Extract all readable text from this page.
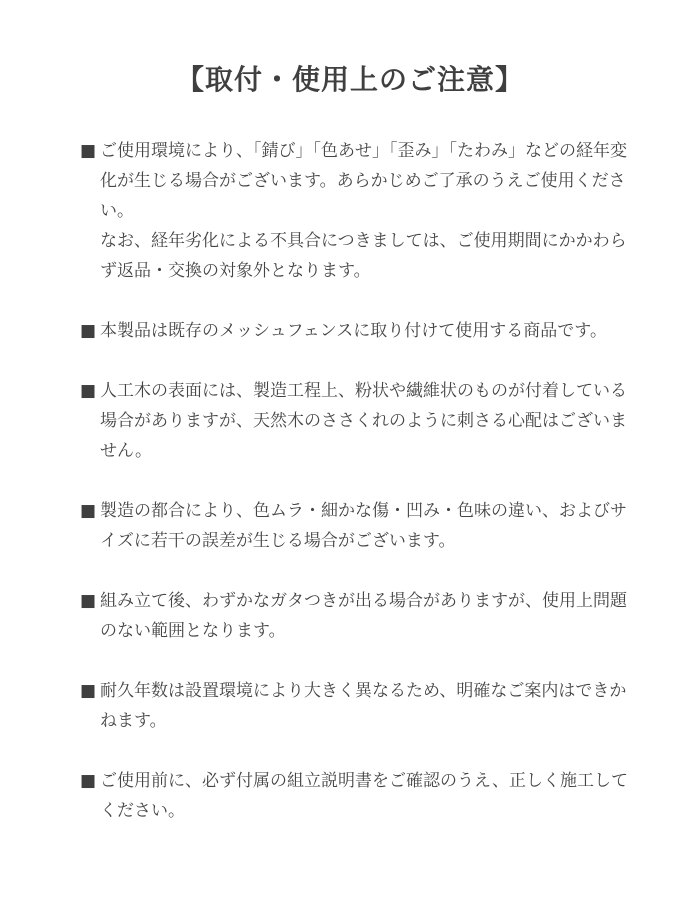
【取付・使用上のご注意】
■ ご使用環境により、「錆び」「色あせ」「歪み」「たわみ」などの経年変化が生じる場合がございます。あらかじめご了承のうえご使用ください。

なお、経年劣化による不具合につきましては、ご使用期間にかかわらず返品・交換の対象外となります。

■ 本製品は既存のメッシュフェンスに取り付けて使用する商品です。

■ 人工木の表面には、製造工程上、粉状や繊維状のものが付着している場合がありますが、天然木のささくれのように刺さる心配はございません。

■ 製造の都合により、色ムラ・細かな傷・凹み・色味の違い、およびサイズに若干の誤差が生じる場合がございます。

■ 組み立て後、わずかなガタつきが出る場合がありますが、使用上問題のない範囲となります。

■ 耐久年数は設置環境により大きく異なるため、明確なご案内はできかねます。

■ ご使用前に、必ず付属の組立説明書をご確認のうえ、正しく施工してください。
